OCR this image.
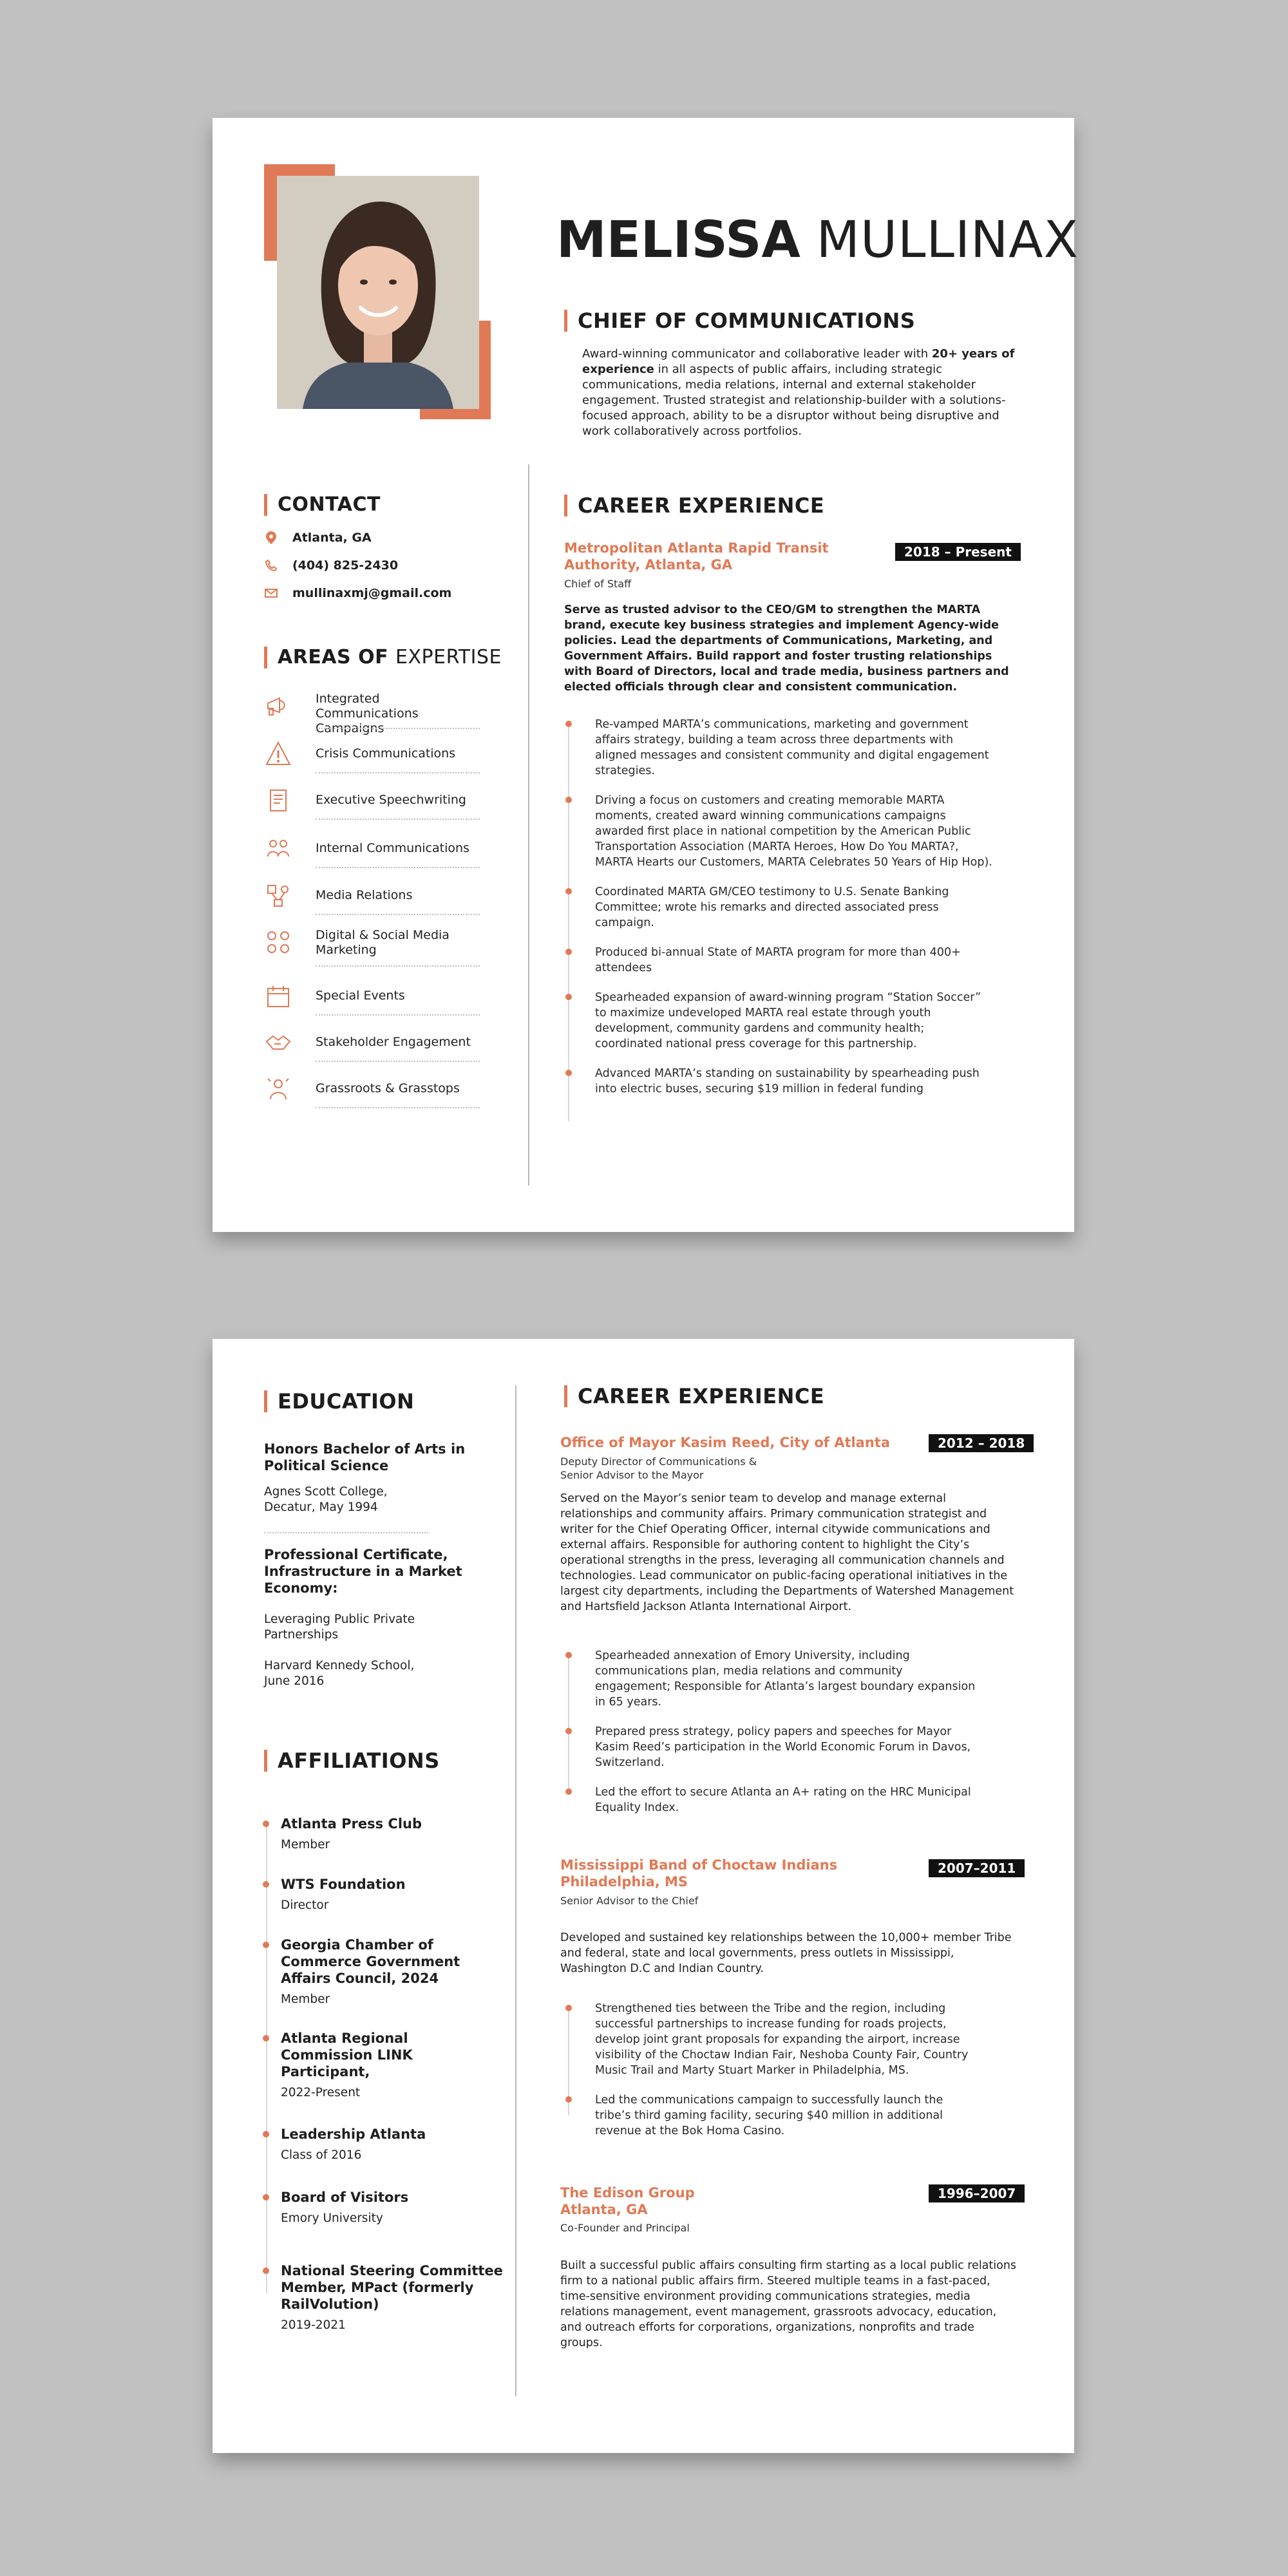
MELISSA MULLINAX
CHIEF OF COMMUNICATIONS
Award-winning communicator and collaborative leader with 20+ years of experience in all aspects of public affairs, including strategic communications, media relations, internal and external stakeholder engagement. Trusted strategist and relationship-builder with a solutions-focused approach, ability to be a disruptor without being disruptive and work collaboratively across portfolios.
CONTACT
Atlanta, GA
(404) 825-2430
mullinaxmj@gmail.com
AREAS OF
EXPERTISE
Integrated Communications Campaigns
Crisis Communications
Executive Speechwriting
Internal Communications
Media Relations
Digital & Social Media Marketing
Special Events
Stakeholder Engagement
Grassroots & Grasstops
CAREER EXPERIENCE
Metropolitan Atlanta Rapid Transit Authority, Atlanta, GA
2018 – Present
Chief of Staff
Serve as trusted advisor to the CEO/GM to strengthen the MARTA brand, execute key business strategies and implement Agency-wide policies. Lead the departments of Communications, Marketing, and Government Affairs. Build rapport and foster trusting relationships with Board of Directors, local and trade media, business partners and elected officials through clear and consistent communication.
Re-vamped MARTA’s communications, marketing and government affairs strategy, building a team across three departments with aligned messages and consistent community and digital engagement strategies.
Driving a focus on customers and creating memorable MARTA moments, created award winning communications campaigns awarded first place in national competition by the American Public Transportation Association (MARTA Heroes, How Do You MARTA?, MARTA Hearts our Customers, MARTA Celebrates 50 Years of Hip Hop).
Coordinated MARTA GM/CEO testimony to U.S. Senate Banking Committee; wrote his remarks and directed associated press campaign.
Produced bi-annual State of MARTA program for more than 400+ attendees
Spearheaded expansion of award-winning program “Station Soccer” to maximize undeveloped MARTA real estate through youth development, community gardens and community health; coordinated national press coverage for this partnership.
Advanced MARTA’s standing on sustainability by spearheading push into electric buses, securing $19 million in federal funding
EDUCATION
Honors Bachelor of Arts in Political Science
Agnes Scott College, Decatur, May 1994
Professional Certificate, Infrastructure in a Market Economy:
Leveraging Public Private Partnerships
Harvard Kennedy School, June 2016
AFFILIATIONS
Atlanta Press Club
Member
WTS Foundation
Director
Georgia Chamber of Commerce Government Affairs Council, 2024
Member
Atlanta Regional Commission LINK Participant,
2022-Present
Leadership Atlanta
Class of 2016
Board of Visitors
Emory University
National Steering Committee Member, MPact (formerly RailVolution)
2019-2021
CAREER EXPERIENCE
Office of Mayor Kasim Reed, City of Atlanta	2012 – 2018
Deputy Director of Communications & Senior Advisor to the Mayor
Served on the Mayor’s senior team to develop and manage external relationships and community affairs. Primary communication strategist and writer for the Chief Operating Officer, internal citywide communications and external affairs. Responsible for authoring content to highlight the City’s operational strengths in the press, leveraging all communication channels and technologies. Lead communicator on public-facing operational initiatives in the largest city departments, including the Departments of Watershed Management and Hartsfield Jackson Atlanta International Airport.
Spearheaded annexation of Emory University, including communications plan, media relations and community engagement; Responsible for Atlanta’s largest boundary expansion in 65 years.
Prepared press strategy, policy papers and speeches for Mayor Kasim Reed’s participation in the World Economic Forum in Davos, Switzerland.
Led the effort to secure Atlanta an A+ rating on the HRC Municipal Equality Index.
Mississippi Band of Choctaw Indians Philadelphia, MS
2007–2011
Senior Advisor to the Chief
Developed and sustained key relationships between the 10,000+ member Tribe and federal, state and local governments, press outlets in Mississippi, Washington D.C and Indian Country.
Strengthened ties between the Tribe and the region, including successful partnerships to increase funding for roads projects, develop joint grant proposals for expanding the airport, increase visibility of the Choctaw Indian Fair, Neshoba County Fair, Country Music Trail and Marty Stuart Marker in Philadelphia, MS.
Led the communications campaign to successfully launch the tribe’s third gaming facility, securing $40 million in additional revenue at the Bok Homa Casino.
The Edison Group Atlanta, GA
1996–2007
Co-Founder and Principal
Built a successful public affairs consulting firm starting as a local public relations firm to a national public affairs firm. Steered multiple teams in a fast-paced, time-sensitive environment providing communications strategies, media relations management, event management, grassroots advocacy, education, and outreach efforts for corporations, organizations, nonprofits and trade groups.
